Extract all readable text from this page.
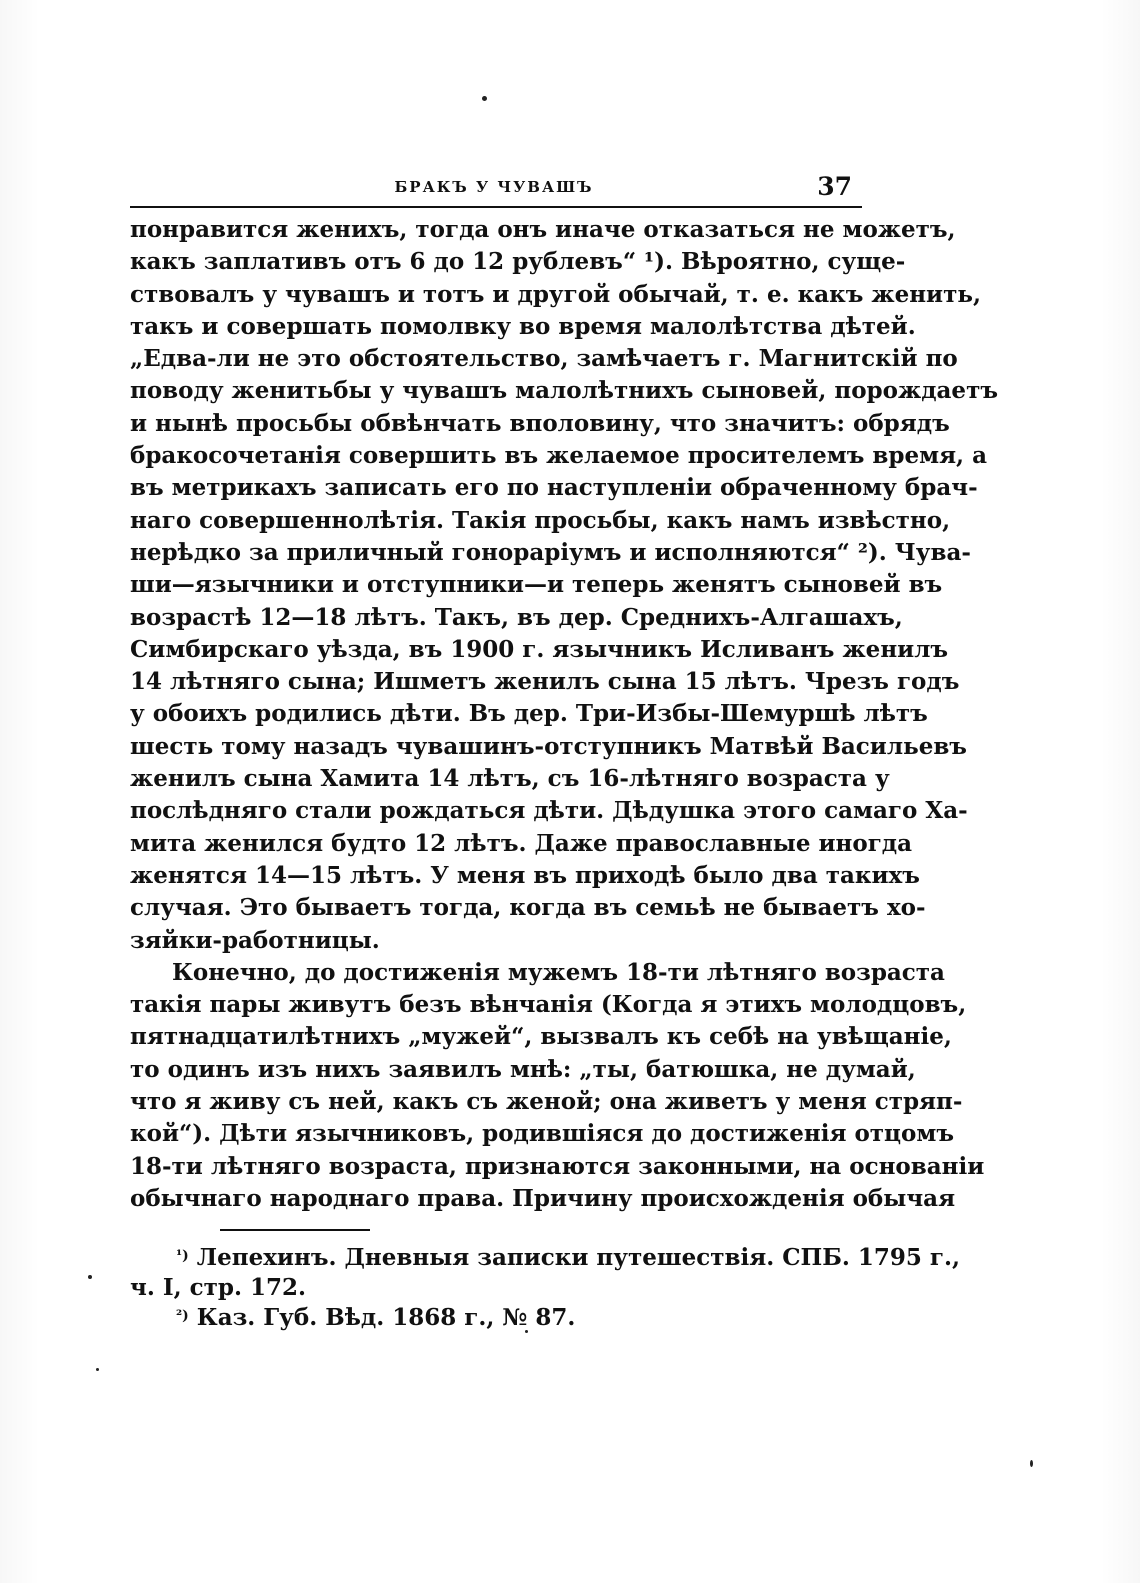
БРАКЪ У ЧУВАШЪ	37
понравится женихъ, тогда онъ иначе отказаться не можетъ,
какъ заплативъ отъ 6 до 12 рублевъ“ ¹). Вѣроятно, суще-
ствовалъ у чувашъ и тотъ и другой обычай, т. е. какъ женить,
такъ и совершать помолвку во время малолѣтства дѣтей.
„Едва-ли не это обстоятельство, замѣчаетъ г. Магнитскій по
поводу женитьбы у чувашъ малолѣтнихъ сыновей, порождаетъ
и нынѣ просьбы обвѣнчать вполовину, что значитъ: обрядъ
бракосочетанія совершить въ желаемое просителемъ время, а
въ метрикахъ записать его по наступленіи обраченному брач-
наго совершеннолѣтія. Такія просьбы, какъ намъ извѣстно,
нерѣдко за приличный гонораріумъ и исполняются“ ²). Чува-
ши—язычники и отступники—и теперь женятъ сыновей въ
возрастѣ 12—18 лѣтъ. Такъ, въ дер. Среднихъ-Алгашахъ,
Симбирскаго уѣзда, въ 1900 г. язычникъ Исливанъ женилъ
14 лѣтняго сына; Ишметъ женилъ сына 15 лѣтъ. Чрезъ годъ
у обоихъ родились дѣти. Въ дер. Три-Избы-Шемуршѣ лѣтъ
шесть тому назадъ чувашинъ-отступникъ Матвѣй Васильевъ
женилъ сына Хамита 14 лѣтъ, съ 16-лѣтняго возраста у
послѣдняго стали рождаться дѣти. Дѣдушка этого самаго Ха-
мита женился будто 12 лѣтъ. Даже православные иногда
женятся 14—15 лѣтъ. У меня въ приходѣ было два такихъ
случая. Это бываетъ тогда, когда въ семьѣ не бываетъ хо-
зяйки-работницы.
Конечно, до достиженія мужемъ 18-ти лѣтняго возраста
такія пары живутъ безъ вѣнчанія (Когда я этихъ молодцовъ,
пятнадцатилѣтнихъ „мужей“, вызвалъ къ себѣ на увѣщаніе,
то одинъ изъ нихъ заявилъ мнѣ: „ты, батюшка, не думай,
что я живу съ ней, какъ съ женой; она живетъ у меня стряп-
кой“). Дѣти язычниковъ, родившіяся до достиженія отцомъ
18-ти лѣтняго возраста, признаются законными, на основаніи
обычнаго народнаго права. Причину происхожденія обычая
$^{^1)}$ Лепехинъ. Дневныя записки путешествія. СПБ. 1795 г.,
ч. I, стр. 172.
$^{^2)}$ Каз. Губ. Вѣд. 1868 г., № 87.
